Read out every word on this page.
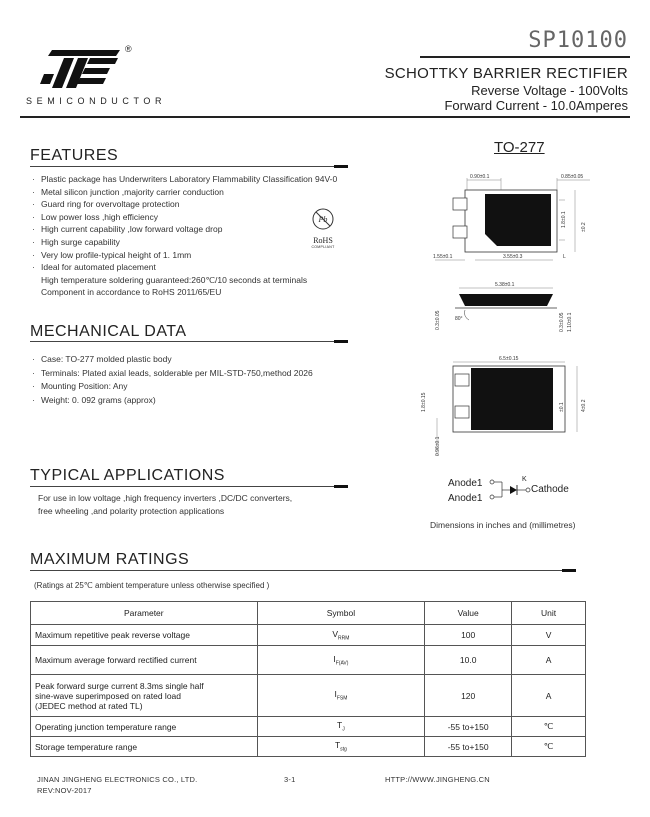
®
SEMICONDUCTOR
SP10100
SCHOTTKY BARRIER RECTIFIER
Reverse Voltage - 100Volts
Forward Current - 10.0Amperes
FEATURES
· Plastic package has Underwriters Laboratory Flammability Classification 94V-0
· Metal silicon junction ,majority carrier conduction
· Guard ring for overvoltage protection
· Low power loss ,high efficiency
· High current capability ,low forward voltage drop
· High surge capability
· Very low profile-typical height of 1. 1mm
· Ideal for automated placement
High temperature soldering guaranteed:260℃/10 seconds at terminals
Component in accordance to RoHS 2011/65/EU
Pb
RoHS
COMPLIANT
MECHANICAL DATA
· Case: TO-277 molded plastic body
· Terminals: Plated axial leads, solderable per MIL-STD-750,method 2026
· Mounting Position: Any
· Weight: 0. 092 grams (approx)
TYPICAL APPLICATIONS
For use in low voltage ,high frequency inverters ,DC/DC converters,
free wheeling ,and polarity protection applications
TO-277
0.90±0.1	0.85±0.05
1.8±0.1	±0.2
1.55±0.1	3.55±0.3	L
5.38±0.1
0.3±0.05	80°	0.3±0.05 1.10±0.1
6.5±0.15
1.8±0.15	±0.1	4±0.2
0.96±0.1
Anode1
Anode1
K
Cathode
Dimensions in inches and (millimetres)
MAXIMUM RATINGS
(Ratings at 25℃ ambient temperature unless otherwise specified )
Parameter	Symbol	Value	Unit
Maximum repetitive peak reverse voltage	$V_{RRM}$	100	V
Maximum average forward rectified current	$I_{F(AV)}$	10.0	A

Peak forward surge current 8.3ms single half
sine-wave superimposed on rated load
(JEDEC method at rated TL)	$I_{FSM}$	120	A
Operating junction temperature range	$T_J$	-55 to+150	℃
Storage temperature range	$T_{stg}$	-55 to+150	℃
JINAN JINGHENG ELECTRONICS CO., LTD.
REV:NOV-2017
3-1	HTTP://WWW.JINGHENG.CN
